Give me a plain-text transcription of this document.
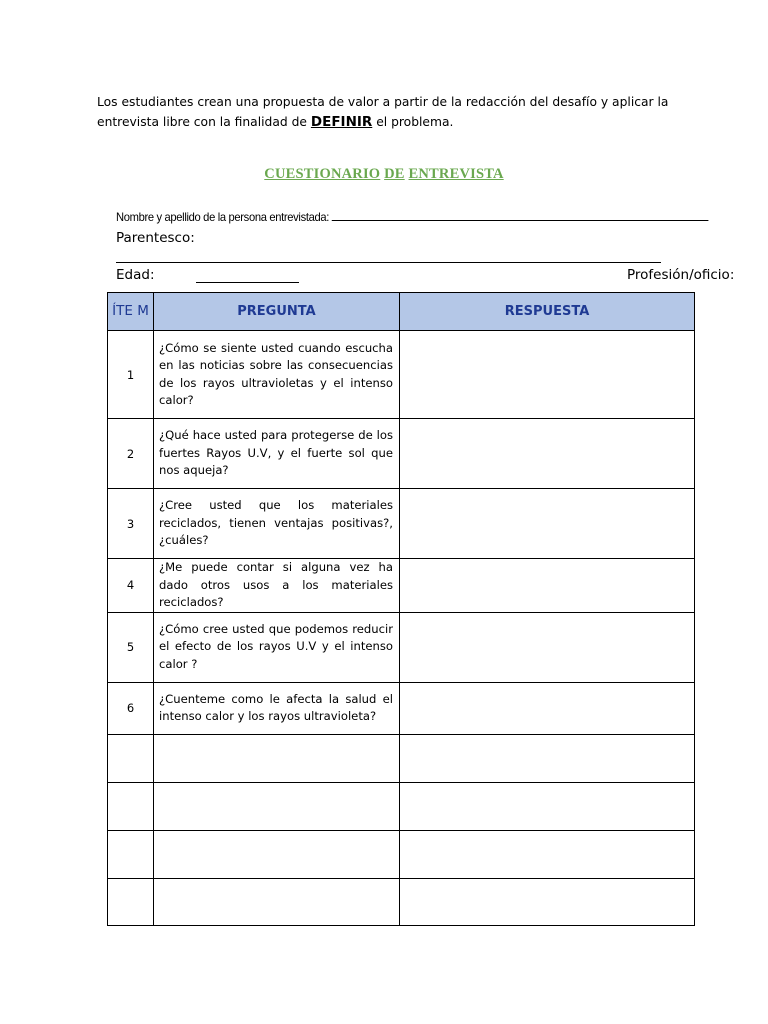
Los estudiantes crean una propuesta de valor a partir de la redacción del desafío y aplicar la
entrevista libre con la finalidad de DEFINIR el problema.
CUESTIONARIO DE ENTREVISTA
Nombre y apellido de la persona entrevistada:
Parentesco:
Edad:	Profesión/oficio:
ÍTE M	PREGUNTA	RESPUESTA
1	¿Cómo se siente usted cuando escucha en las noticias sobre las consecuencias de los rayos ultravioletas y el intenso calor?	
2	¿Qué hace usted para protegerse de los fuertes Rayos U.V, y el fuerte sol que nos aqueja?	
3	¿Cree usted que los materiales reciclados, tienen ventajas positivas?, ¿cuáles?	
4	¿Me puede contar si alguna vez ha dado otros usos a los materiales reciclados?	
5	¿Cómo cree usted que podemos reducir el efecto de los rayos U.V y el intenso calor ?	
6	¿Cuenteme como le afecta la salud el intenso calor y los rayos ultravioleta?	
